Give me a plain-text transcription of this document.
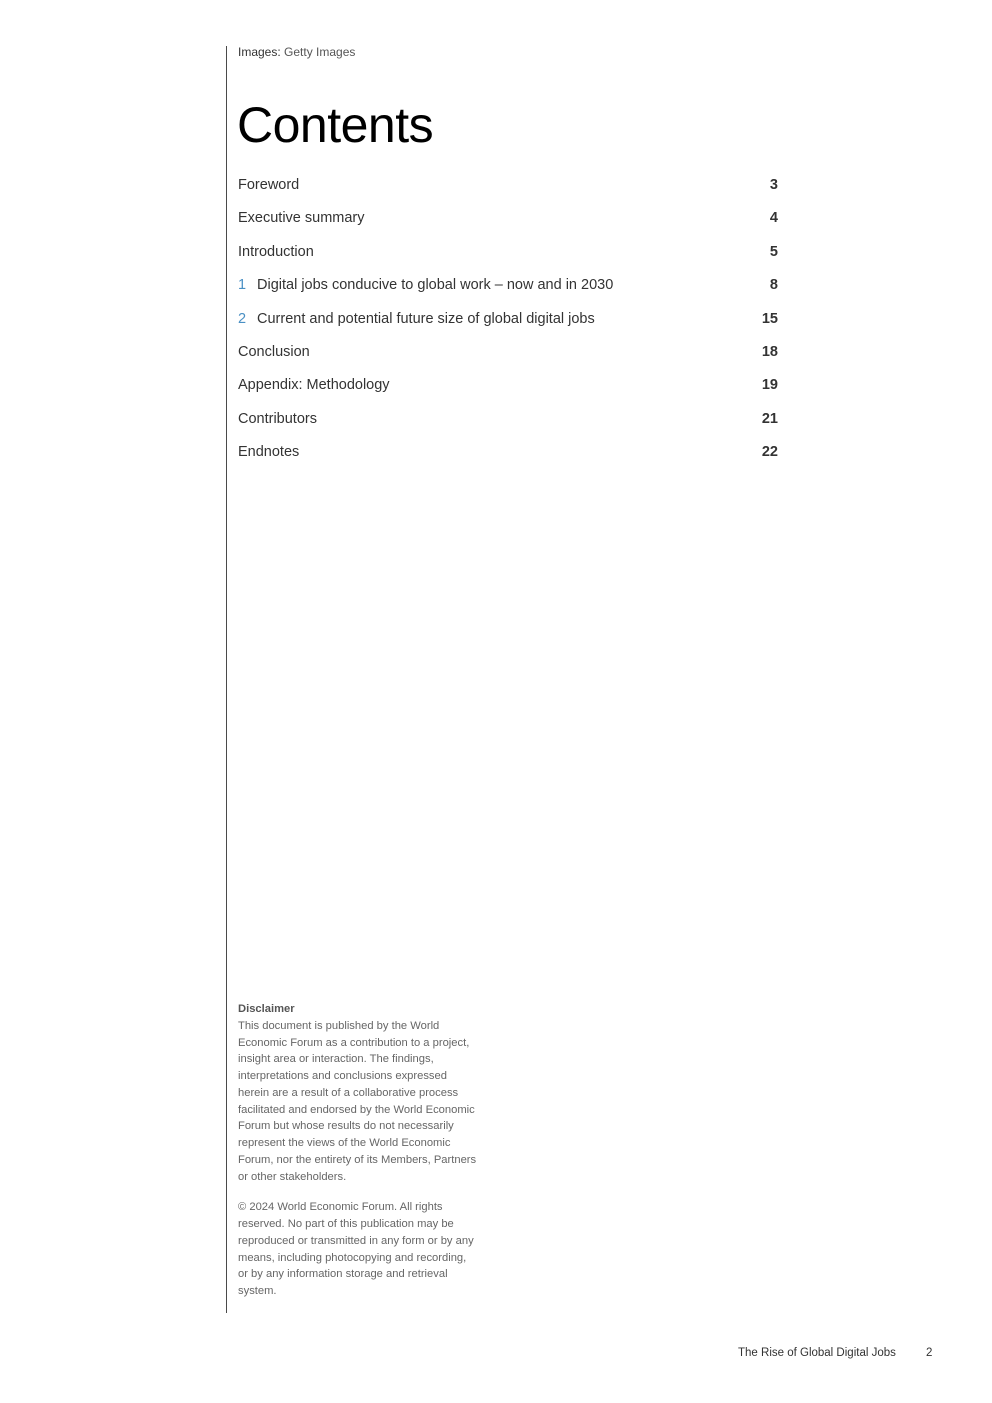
Images: Getty Images
Contents
Foreword	3
Executive summary	4
Introduction	5
1 Digital jobs conducive to global work – now and in 2030	8
2 Current and potential future size of global digital jobs	15
Conclusion	18
Appendix: Methodology	19
Contributors	21
Endnotes	22
Disclaimer

This document is published by the World Economic Forum as a contribution to a project, insight area or interaction. The findings, interpretations and conclusions expressed herein are a result of a collaborative process facilitated and endorsed by the World Economic Forum but whose results do not necessarily represent the views of the World Economic Forum, nor the entirety of its Members, Partners or other stakeholders.

© 2024 World Economic Forum. All rights reserved. No part of this publication may be reproduced or transmitted in any form or by any means, including photocopying and recording, or by any information storage and retrieval system.

The Rise of Global Digital Jobs	2
